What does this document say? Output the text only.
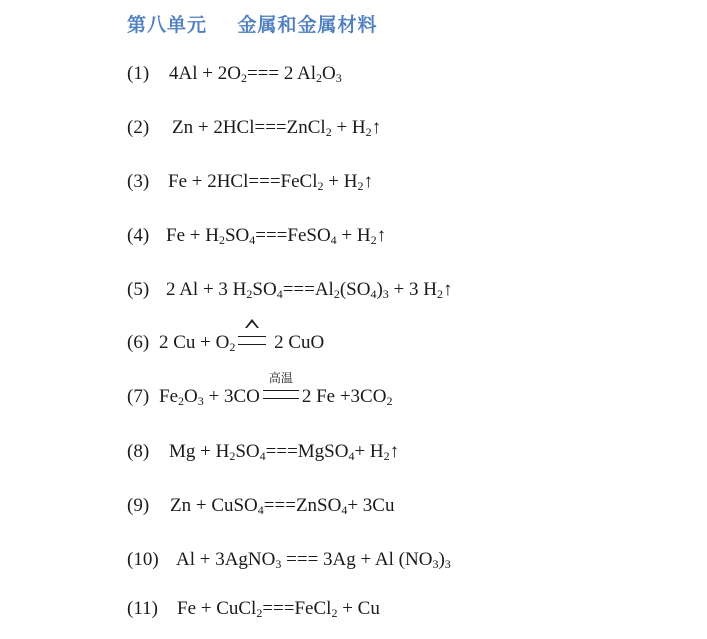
第八单元    金属和金属材料
(1) $4Al + 2O_2=== 2$ $Al_2O_3$
(2) Zn + 2HCl===ZnCl$_2$ + $H_2↑$
(3) Fe + 2HCl===FeCl$_2$ + $H_2↑$
(4) $Fe + H_2SO_4===FeSO_4$ + $H_2↑$
(5) 2 Al + 3 $H_2SO_4===Al_2(SO_4)_3 + 3$ $H_2↑$
(6) 2 $Cu + O_2$
2 CuO
(7) $Fe_2O_3 + 3CO$
高温
2 $Fe +3CO_2$
(8) $Mg + H_2SO_4===MgSO_4+$ $H_2↑$
(9) Zn + CuSO$_4$===ZnSO$_4$+ 3Cu
(10) Al + 3AgNO$_3$ === 3Ag + Al $(NO_3)_3$
(11) Fe + CuCl$_2$===FeCl$_2$ + Cu
